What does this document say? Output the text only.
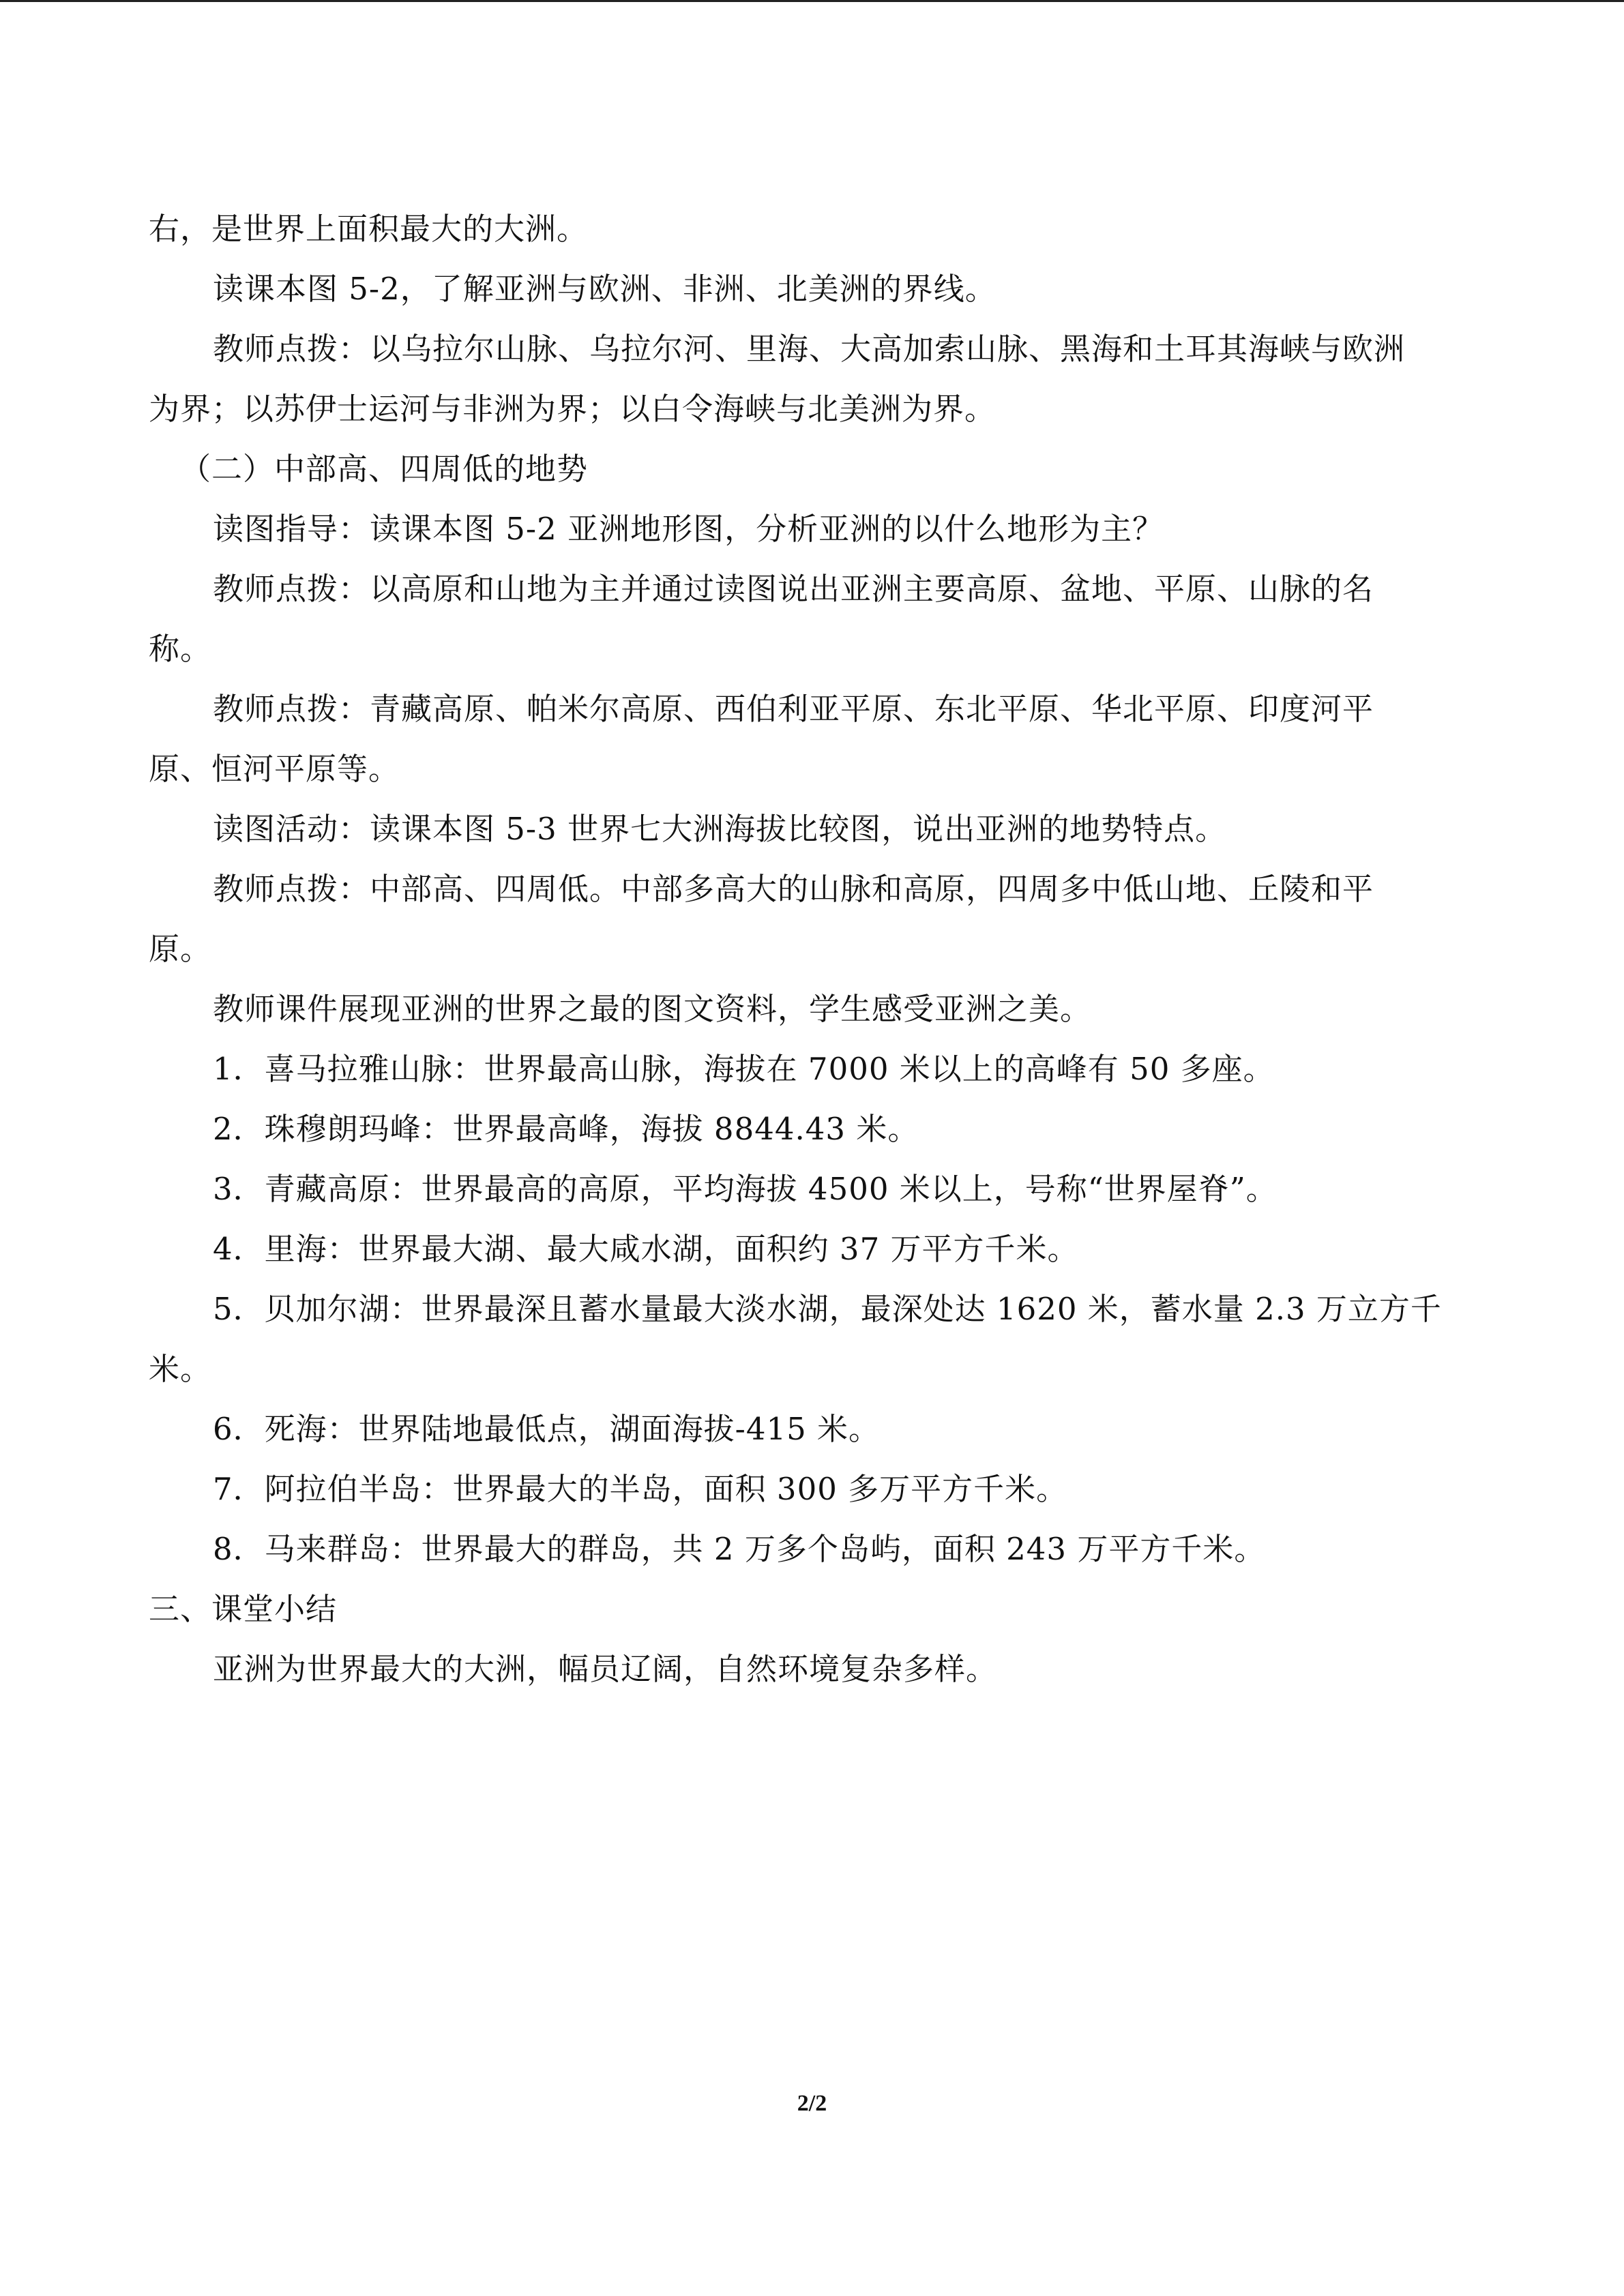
右，是世界上面积最大的大洲。
读课本图 5-2，了解亚洲与欧洲、非洲、北美洲的界线。
教师点拨：以乌拉尔山脉、乌拉尔河、里海、大高加索山脉、黑海和土耳其海峡与欧洲
为界；以苏伊士运河与非洲为界；以白令海峡与北美洲为界。
（二）中部高、四周低的地势
读图指导：读课本图 5-2 亚洲地形图，分析亚洲的以什么地形为主？
教师点拨：以高原和山地为主并通过读图说出亚洲主要高原、盆地、平原、山脉的名
称。
教师点拨：青藏高原、帕米尔高原、西伯利亚平原、东北平原、华北平原、印度河平
原、恒河平原等。
读图活动：读课本图 5-3 世界七大洲海拔比较图，说出亚洲的地势特点。
教师点拨：中部高、四周低。中部多高大的山脉和高原，四周多中低山地、丘陵和平
原。
教师课件展现亚洲的世界之最的图文资料，学生感受亚洲之美。
1．喜马拉雅山脉：世界最高山脉，海拔在 7000 米以上的高峰有 50 多座。
2．珠穆朗玛峰：世界最高峰，海拔 8844.43 米。
3．青藏高原：世界最高的高原，平均海拔 4500 米以上，号称“世界屋脊”。
4．里海：世界最大湖、最大咸水湖，面积约 37 万平方千米。
5．贝加尔湖：世界最深且蓄水量最大淡水湖，最深处达 1620 米，蓄水量 2.3 万立方千
米。
6．死海：世界陆地最低点，湖面海拔-415 米。
7．阿拉伯半岛：世界最大的半岛，面积 300 多万平方千米。
8．马来群岛：世界最大的群岛，共 2 万多个岛屿，面积 243 万平方千米。
三、课堂小结
亚洲为世界最大的大洲，幅员辽阔，自然环境复杂多样。
2/2
